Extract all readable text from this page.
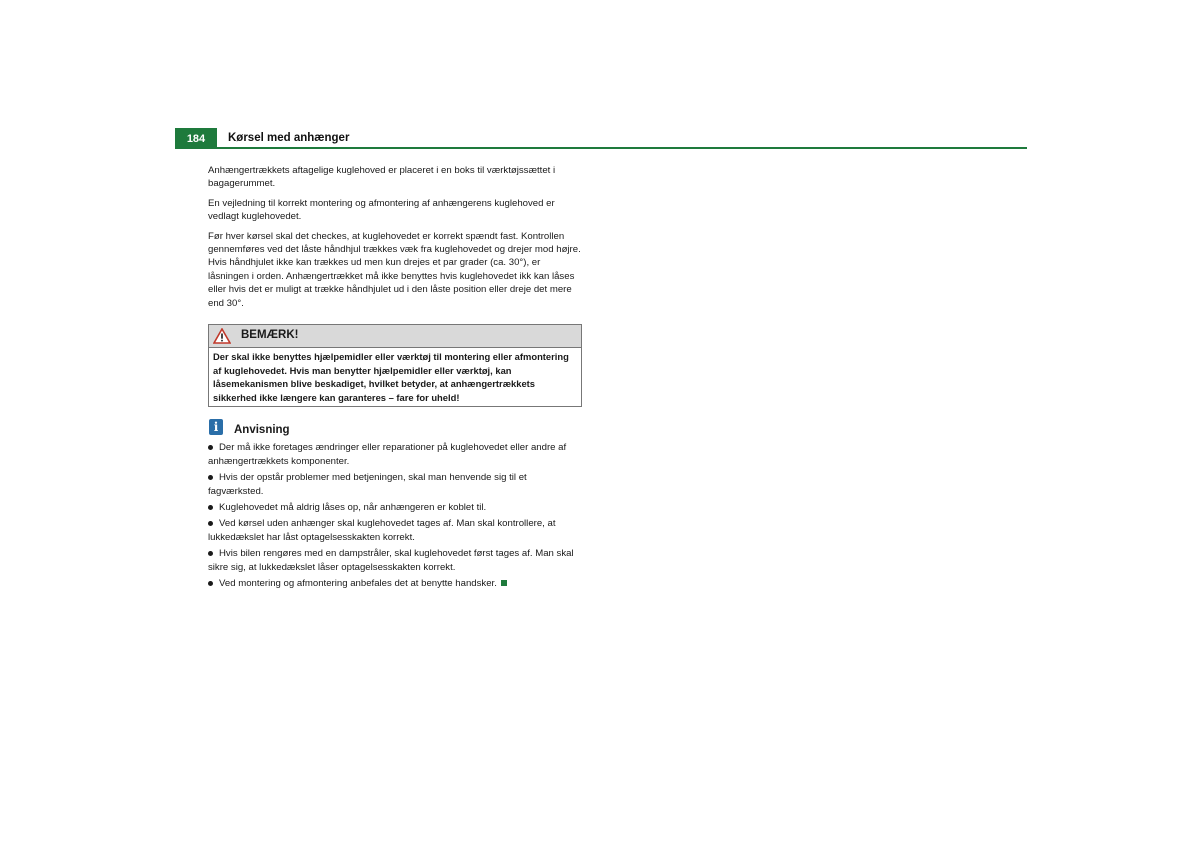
184	Kørsel med anhænger

Anhængertrækkets aftagelige kuglehoved er placeret i en boks til værktøjssættet i bagagerummet.

En vejledning til korrekt montering og afmontering af anhængerens kuglehoved er vedlagt kuglehovedet.

Før hver kørsel skal det checkes, at kuglehovedet er korrekt spændt fast. Kontrollen gennemføres ved det låste håndhjul trækkes væk fra kuglehovedet og drejer mod højre. Hvis håndhjulet ikke kan trækkes ud men kun drejes et par grader (ca. 30°), er låsningen i orden. Anhængertrækket må ikke benyttes hvis kuglehovedet ikk kan låses eller hvis det er muligt at trække håndhjulet ud i den låste position eller dreje det mere end 30°.

BEMÆRK!
Der skal ikke benyttes hjælpemidler eller værktøj til montering eller afmontering af kuglehovedet. Hvis man benytter hjælpemidler eller værktøj, kan låsemekanismen blive beskadiget, hvilket betyder, at anhængertrækkets sikkerhed ikke længere kan garanteres – fare for uheld!
i	Anvisning
Der må ikke foretages ændringer eller reparationer på kuglehovedet eller andre af anhængertrækkets komponenter.
Hvis der opstår problemer med betjeningen, skal man henvende sig til et fagværksted.
Kuglehovedet må aldrig låses op, når anhængeren er koblet til.
Ved kørsel uden anhænger skal kuglehovedet tages af. Man skal kontrollere, at lukkedækslet har låst optagelsesskakten korrekt.
Hvis bilen rengøres med en dampstråler, skal kuglehovedet først tages af. Man skal sikre sig, at lukkedækslet låser optagelsesskakten korrekt.
Ved montering og afmontering anbefales det at benytte handsker.
